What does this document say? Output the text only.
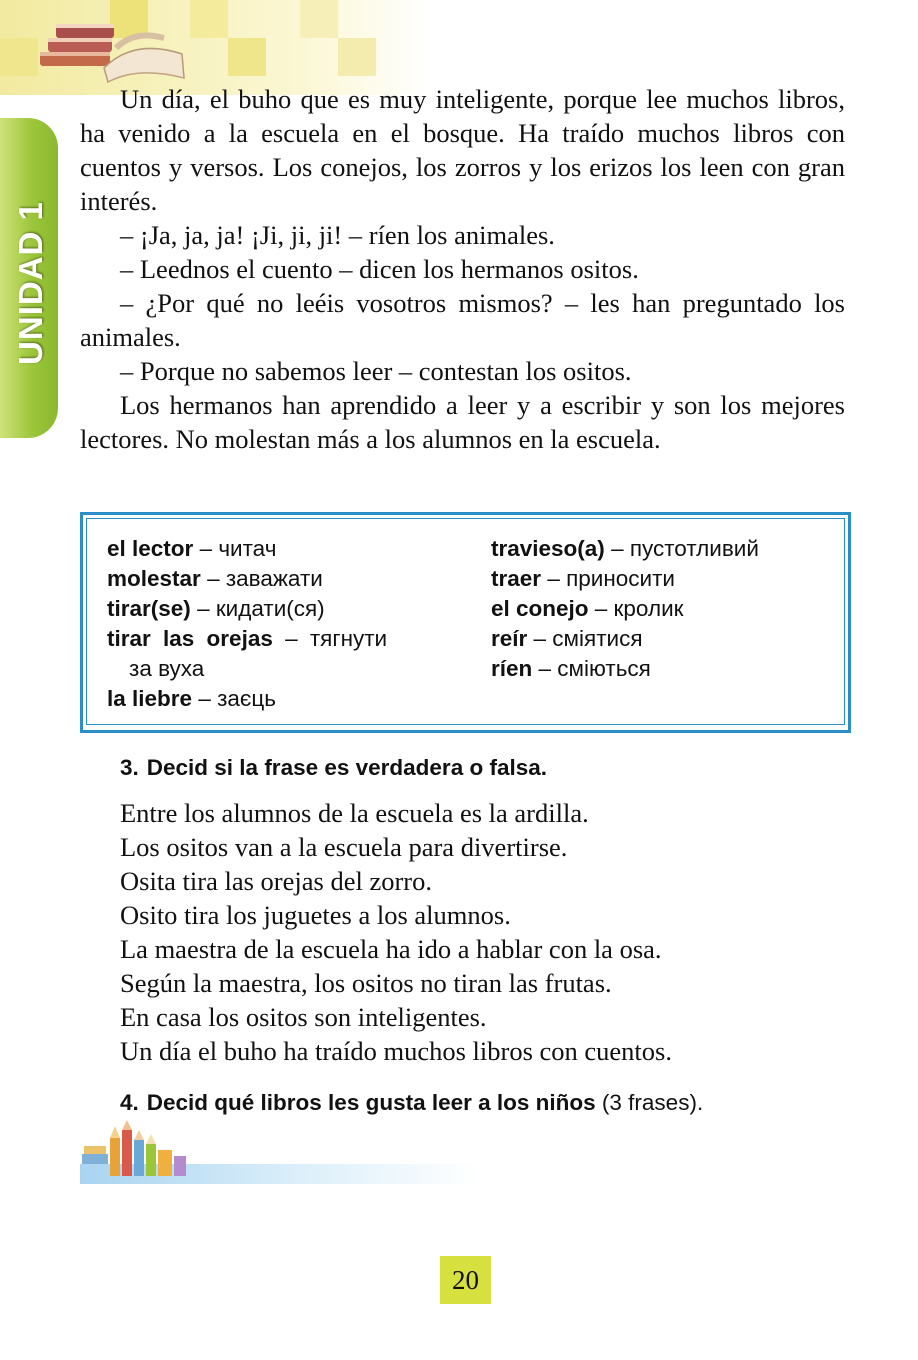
UNIDAD 1

Un día, el buho que es muy inteligente, porque lee muchos libros, ha venido a la escuela en el bosque. Ha traído muchos libros con cuentos y versos. Los conejos, los zorros y los erizos los leen con gran interés.

– ¡Ja, ja, ja! ¡Ji, ji, ji! – ríen los animales.

– Leednos el cuento – dicen los hermanos ositos.

– ¿Por qué no leéis vosotros mismos? – les han preguntado los animales.

– Porque no sabemos leer – contestan los ositos.

Los hermanos han aprendido a leer y a escribir y son los mejores lectores. No molestan más a los alumnos en la escuela.

el lector – читач
molestar – заважати
tirar(se) – кидати(ся)
tirar las orejas – тягнути
за вуха
la liebre – заєць
travieso(a) – пустотливий
traer – приносити
el conejo – кролик
reír – сміятися
ríen – сміються
3. Decid si la frase es verdadera o falsa.
Entre los alumnos de la escuela es la ardilla.
Los ositos van a la escuela para divertirse.
Osita tira las orejas del zorro.
Osito tira los juguetes a los alumnos.
La maestra de la escuela ha ido a hablar con la osa.
Según la maestra, los ositos no tiran las frutas.
En casa los ositos son inteligentes.
Un día el buho ha traído muchos libros con cuentos.
4. Decid qué libros les gusta leer a los niños (3 frases).
20
